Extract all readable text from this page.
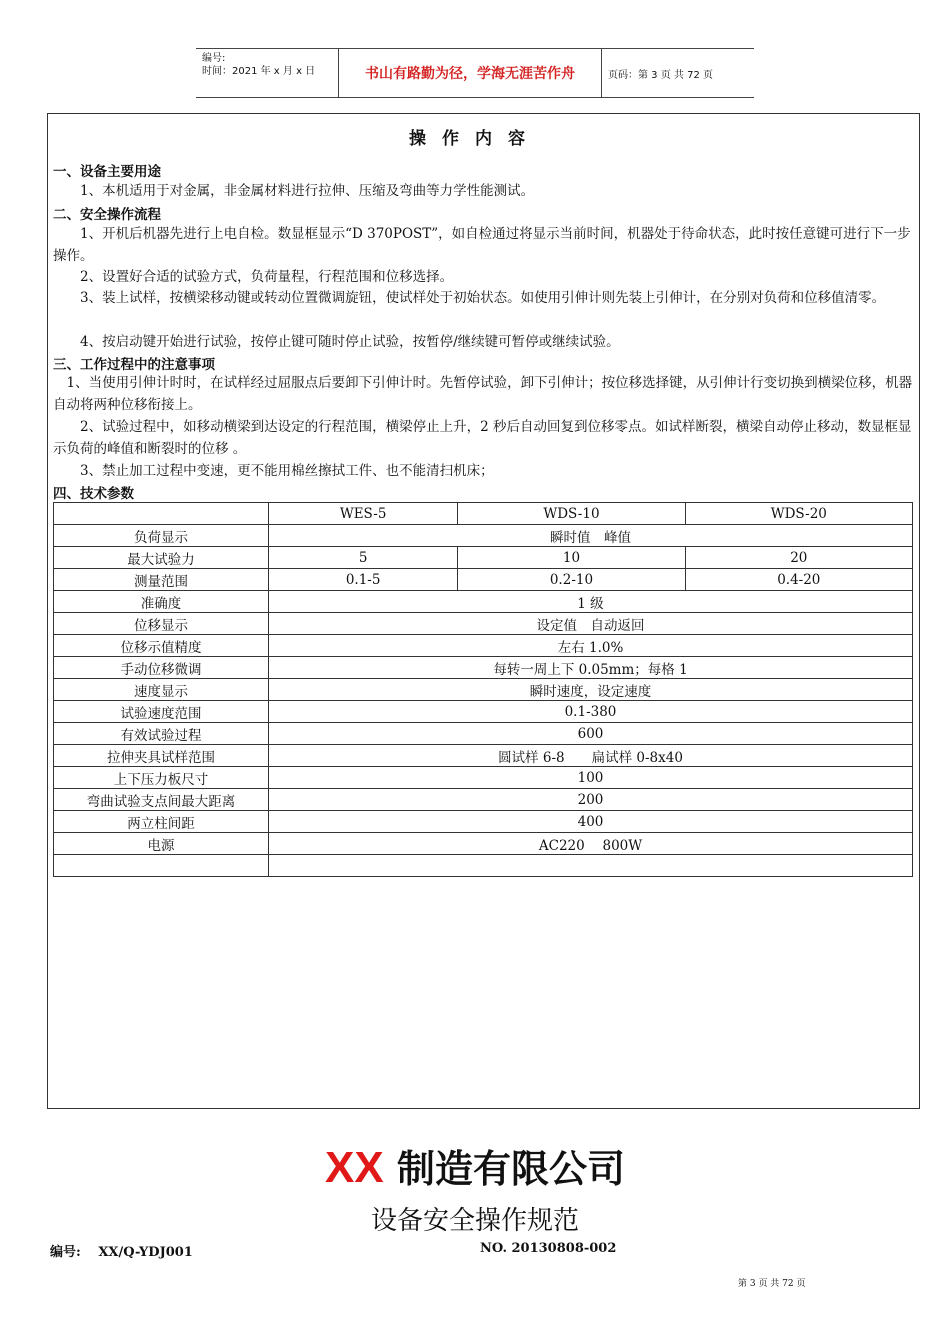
编号:
时间：2021 年 x 月 x 日	书山有路勤为径，学海无涯苦作舟	页码：第 3 页 共 72 页
操作内容
一、设备主要用途
　　1、本机适用于对金属，非金属材料进行拉伸、压缩及弯曲等力学性能测试。
二、安全操作流程
　　1、开机后机器先进行上电自检。数显框显示“D 370POST”，如自检通过将显示当前时间，机器处于待命状态，此时按任意键可进行下一步操作。
　　2、设置好合适的试验方式，负荷量程，行程范围和位移选择。
　　3、装上试样，按横梁移动键或转动位置微调旋钮，使试样处于初始状态。如使用引伸计则先装上引伸计，在分别对负荷和位移值清零。
　　4、按启动键开始进行试验，按停止键可随时停止试验，按暂停/继续键可暂停或继续试验。
三、工作过程中的注意事项
　1、当使用引伸计时时，在试样经过屈服点后要卸下引伸计时。先暂停试验，卸下引伸计；按位移选择键，从引伸计行变切换到横梁位移，机器自动将两种位移衔接上。
　　2、试验过程中，如移动横梁到达设定的行程范围，横梁停止上升，2 秒后自动回复到位移零点。如试样断裂，横梁自动停止移动，数显框显示负荷的峰值和断裂时的位移 。
　　3、禁止加工过程中变速，更不能用棉丝擦拭工件、也不能清扫机床；
四、技术参数
	WES-5	WDS-10	WDS-20
负荷显示	瞬时值　峰值		
最大试验力	5	10	20
测量范围	0.1-5	0.2-10	0.4-20
准确度	1 级		
位移显示	设定值　自动返回		
位移示值精度	左右 1.0%		
手动位移微调	每转一周上下 0.05mm；每格 1		
速度显示	瞬时速度，设定速度		
试验速度范围	0.1-380		
有效试验过程	600		
拉伸夹具试样范围	圆试样 6-8　　扁试样 0-8x40		
上下压力板尺寸	100		
弯曲试验支点间最大距离	200		
两立柱间距	400		
电源	AC220　 800W		

XX 制造有限公司
设备安全操作规范
编号:　 XX/Q-YDJ001	NO. 20130808-002
第 3 页 共 72 页
